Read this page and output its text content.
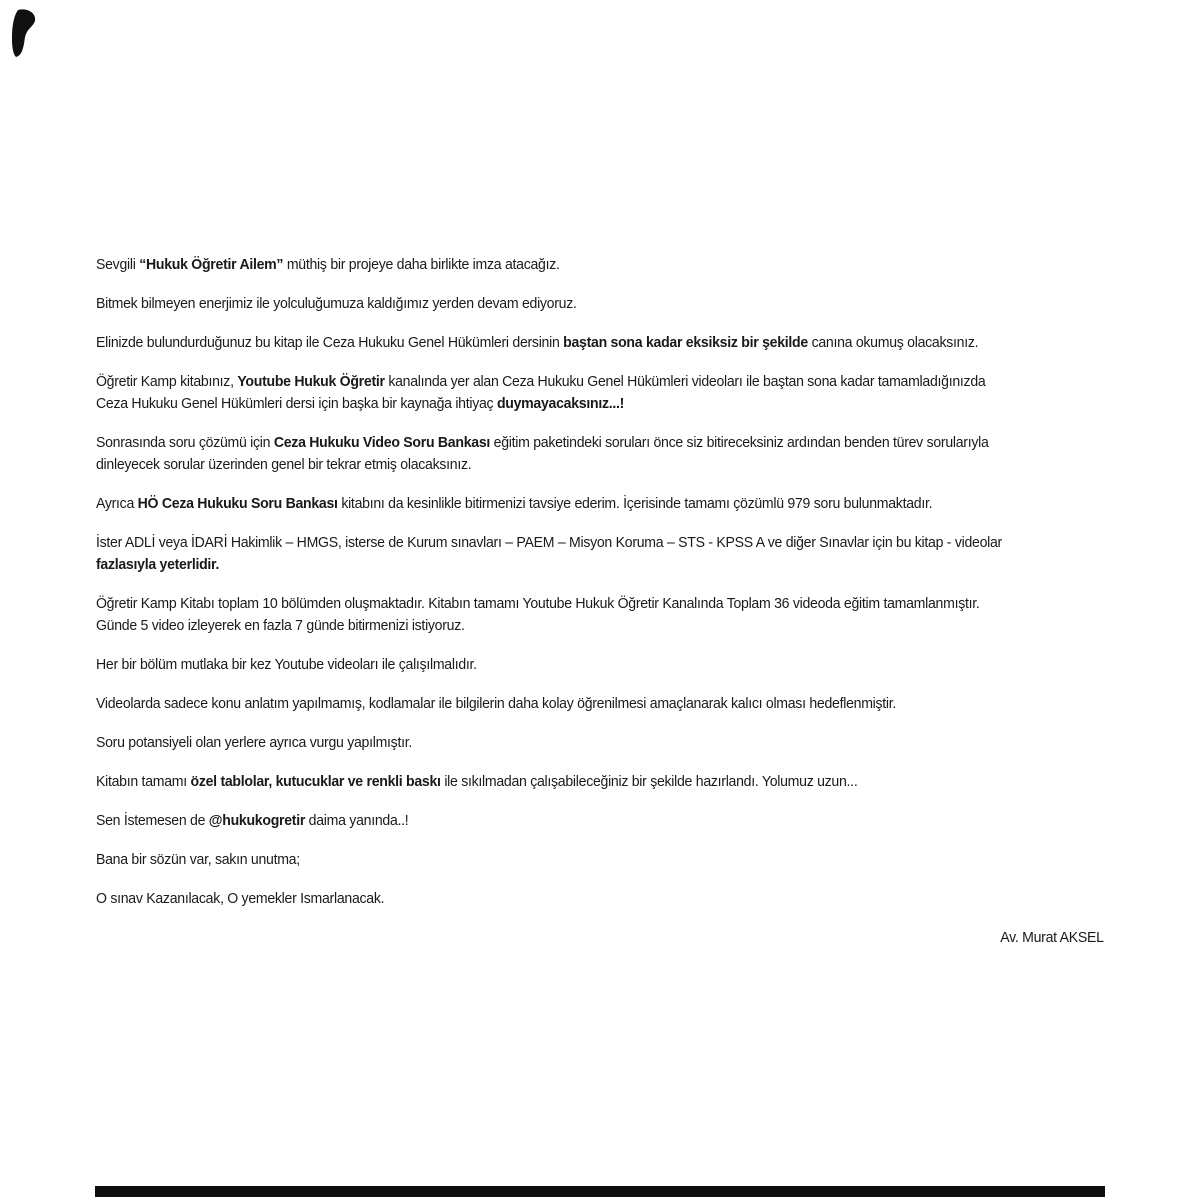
Sevgili “Hukuk Öğretir Ailem” müthiş bir projeye daha birlikte imza atacağız.

Bitmek bilmeyen enerjimiz ile yolculuğumuza kaldığımız yerden devam ediyoruz.

Elinizde bulundurduğunuz bu kitap ile Ceza Hukuku Genel Hükümleri dersinin baştan sona kadar eksiksiz bir şekilde canına okumuş olacaksınız.

Öğretir Kamp kitabınız, Youtube Hukuk Öğretir kanalında yer alan Ceza Hukuku Genel Hükümleri videoları ile baştan sona kadar tamamladığınızda
Ceza Hukuku Genel Hükümleri dersi için başka bir kaynağa ihtiyaç duymayacaksınız...!

Sonrasında soru çözümü için Ceza Hukuku Video Soru Bankası eğitim paketindeki soruları önce siz bitireceksiniz ardından benden türev sorularıyla
dinleyecek sorular üzerinden genel bir tekrar etmiş olacaksınız.

Ayrıca HÖ Ceza Hukuku Soru Bankası kitabını da kesinlikle bitirmenizi tavsiye ederim. İçerisinde tamamı çözümlü 979 soru bulunmaktadır.

İster ADLİ veya İDARİ Hakimlik – HMGS, isterse de Kurum sınavları – PAEM – Misyon Koruma – STS - KPSS A ve diğer Sınavlar için bu kitap - videolar
fazlasıyla yeterlidir.

Öğretir Kamp Kitabı toplam 10 bölümden oluşmaktadır. Kitabın tamamı Youtube Hukuk Öğretir Kanalında Toplam 36 videoda eğitim tamamlanmıştır.
Günde 5 video izleyerek en fazla 7 günde bitirmenizi istiyoruz.

Her bir bölüm mutlaka bir kez Youtube videoları ile çalışılmalıdır.

Videolarda sadece konu anlatım yapılmamış, kodlamalar ile bilgilerin daha kolay öğrenilmesi amaçlanarak kalıcı olması hedeflenmiştir.

Soru potansiyeli olan yerlere ayrıca vurgu yapılmıştır.

Kitabın tamamı özel tablolar, kutucuklar ve renkli baskı ile sıkılmadan çalışabileceğiniz bir şekilde hazırlandı. Yolumuz uzun...

Sen İstemesen de @hukukogretir daima yanında..!

Bana bir sözün var, sakın unutma;

O sınav Kazanılacak, O yemekler Ismarlanacak.

Av. Murat AKSEL
